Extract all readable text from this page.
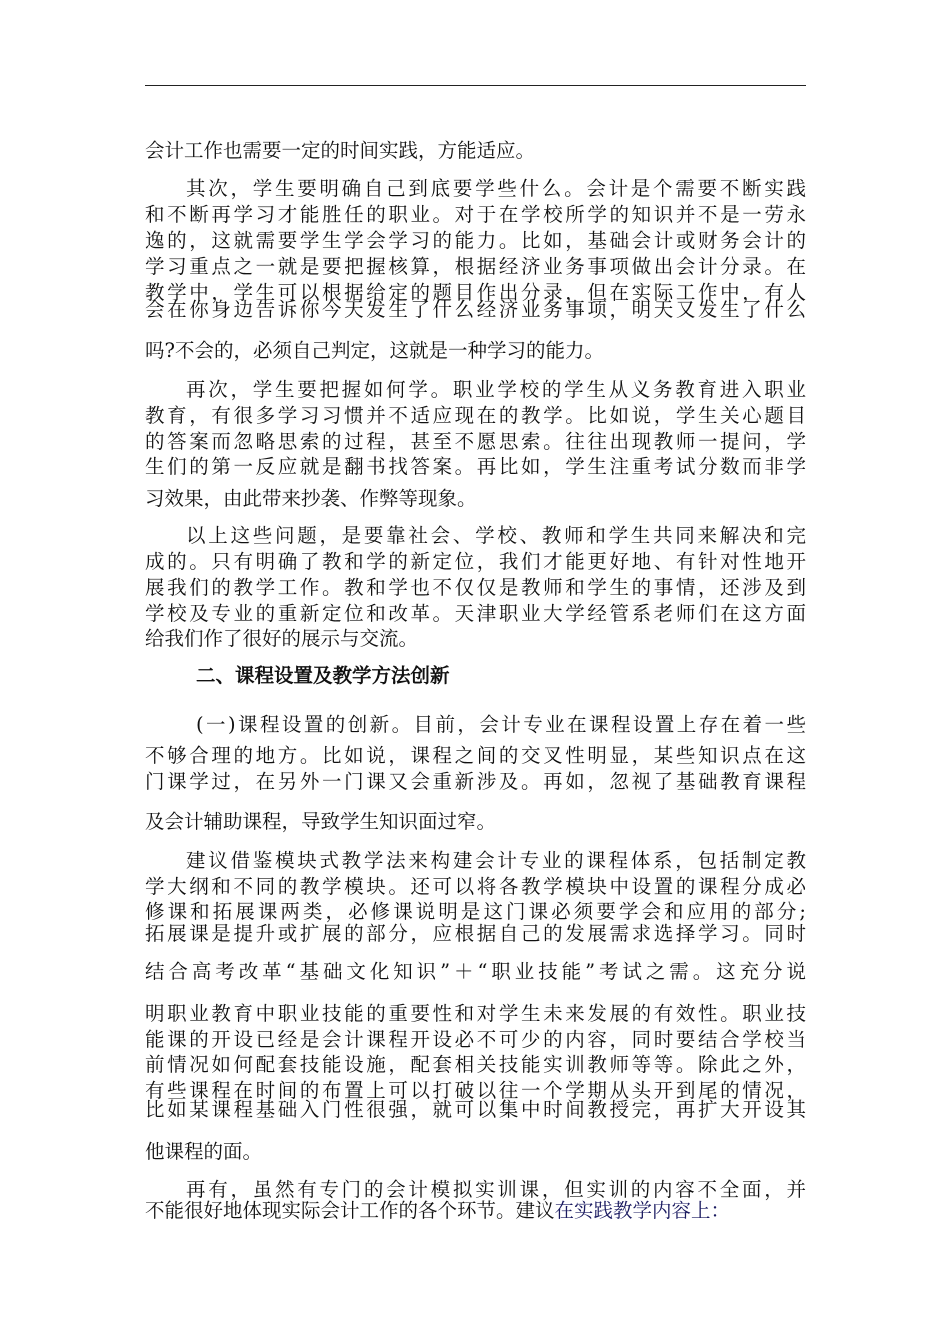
会计工作也需要一定的时间实践，方能适应。
其次，学生要明确自己到底要学些什么。会计是个需要不断实践
和不断再学习才能胜任的职业。对于在学校所学的知识并不是一劳永
逸的，这就需要学生学会学习的能力。比如，基础会计或财务会计的
学习重点之一就是要把握核算，根据经济业务事项做出会计分录。在
教学中，学生可以根据给定的题目作出分录，但在实际工作中，有人
会在你身边告诉你今天发生了什么经济业务事项，明天又发生了什么
吗?不会的，必须自己判定，这就是一种学习的能力。
再次，学生要把握如何学。职业学校的学生从义务教育进入职业
教育，有很多学习习惯并不适应现在的教学。比如说，学生关心题目
的答案而忽略思索的过程，甚至不愿思索。往往出现教师一提问，学
生们的第一反应就是翻书找答案。再比如，学生注重考试分数而非学
习效果，由此带来抄袭、作弊等现象。
以上这些问题，是要靠社会、学校、教师和学生共同来解决和完
成的。只有明确了教和学的新定位，我们才能更好地、有针对性地开
展我们的教学工作。教和学也不仅仅是教师和学生的事情，还涉及到
学校及专业的重新定位和改革。天津职业大学经管系老师们在这方面
给我们作了很好的展示与交流。
二、课程设置及教学方法创新
(一)课程设置的创新。目前，会计专业在课程设置上存在着一些
不够合理的地方。比如说，课程之间的交叉性明显，某些知识点在这
门课学过，在另外一门课又会重新涉及。再如，忽视了基础教育课程
及会计辅助课程，导致学生知识面过窄。
建议借鉴模块式教学法来构建会计专业的课程体系，包括制定教
学大纲和不同的教学模块。还可以将各教学模块中设置的课程分成必
修课和拓展课两类，必修课说明是这门课必须要学会和应用的部分;
拓展课是提升或扩展的部分，应根据自己的发展需求选择学习。同时
结合高考改革“基础文化知识”＋“职业技能”考试之需。这充分说
明职业教育中职业技能的重要性和对学生未来发展的有效性。职业技
能课的开设已经是会计课程开设必不可少的内容，同时要结合学校当
前情况如何配套技能设施，配套相关技能实训教师等等。除此之外，
有些课程在时间的布置上可以打破以往一个学期从头开到尾的情况，
比如某课程基础入门性很强，就可以集中时间教授完，再扩大开设其
他课程的面。
再有，虽然有专门的会计模拟实训课，但实训的内容不全面，并
不能很好地体现实际会计工作的各个环节。建议在实践教学内容上：
